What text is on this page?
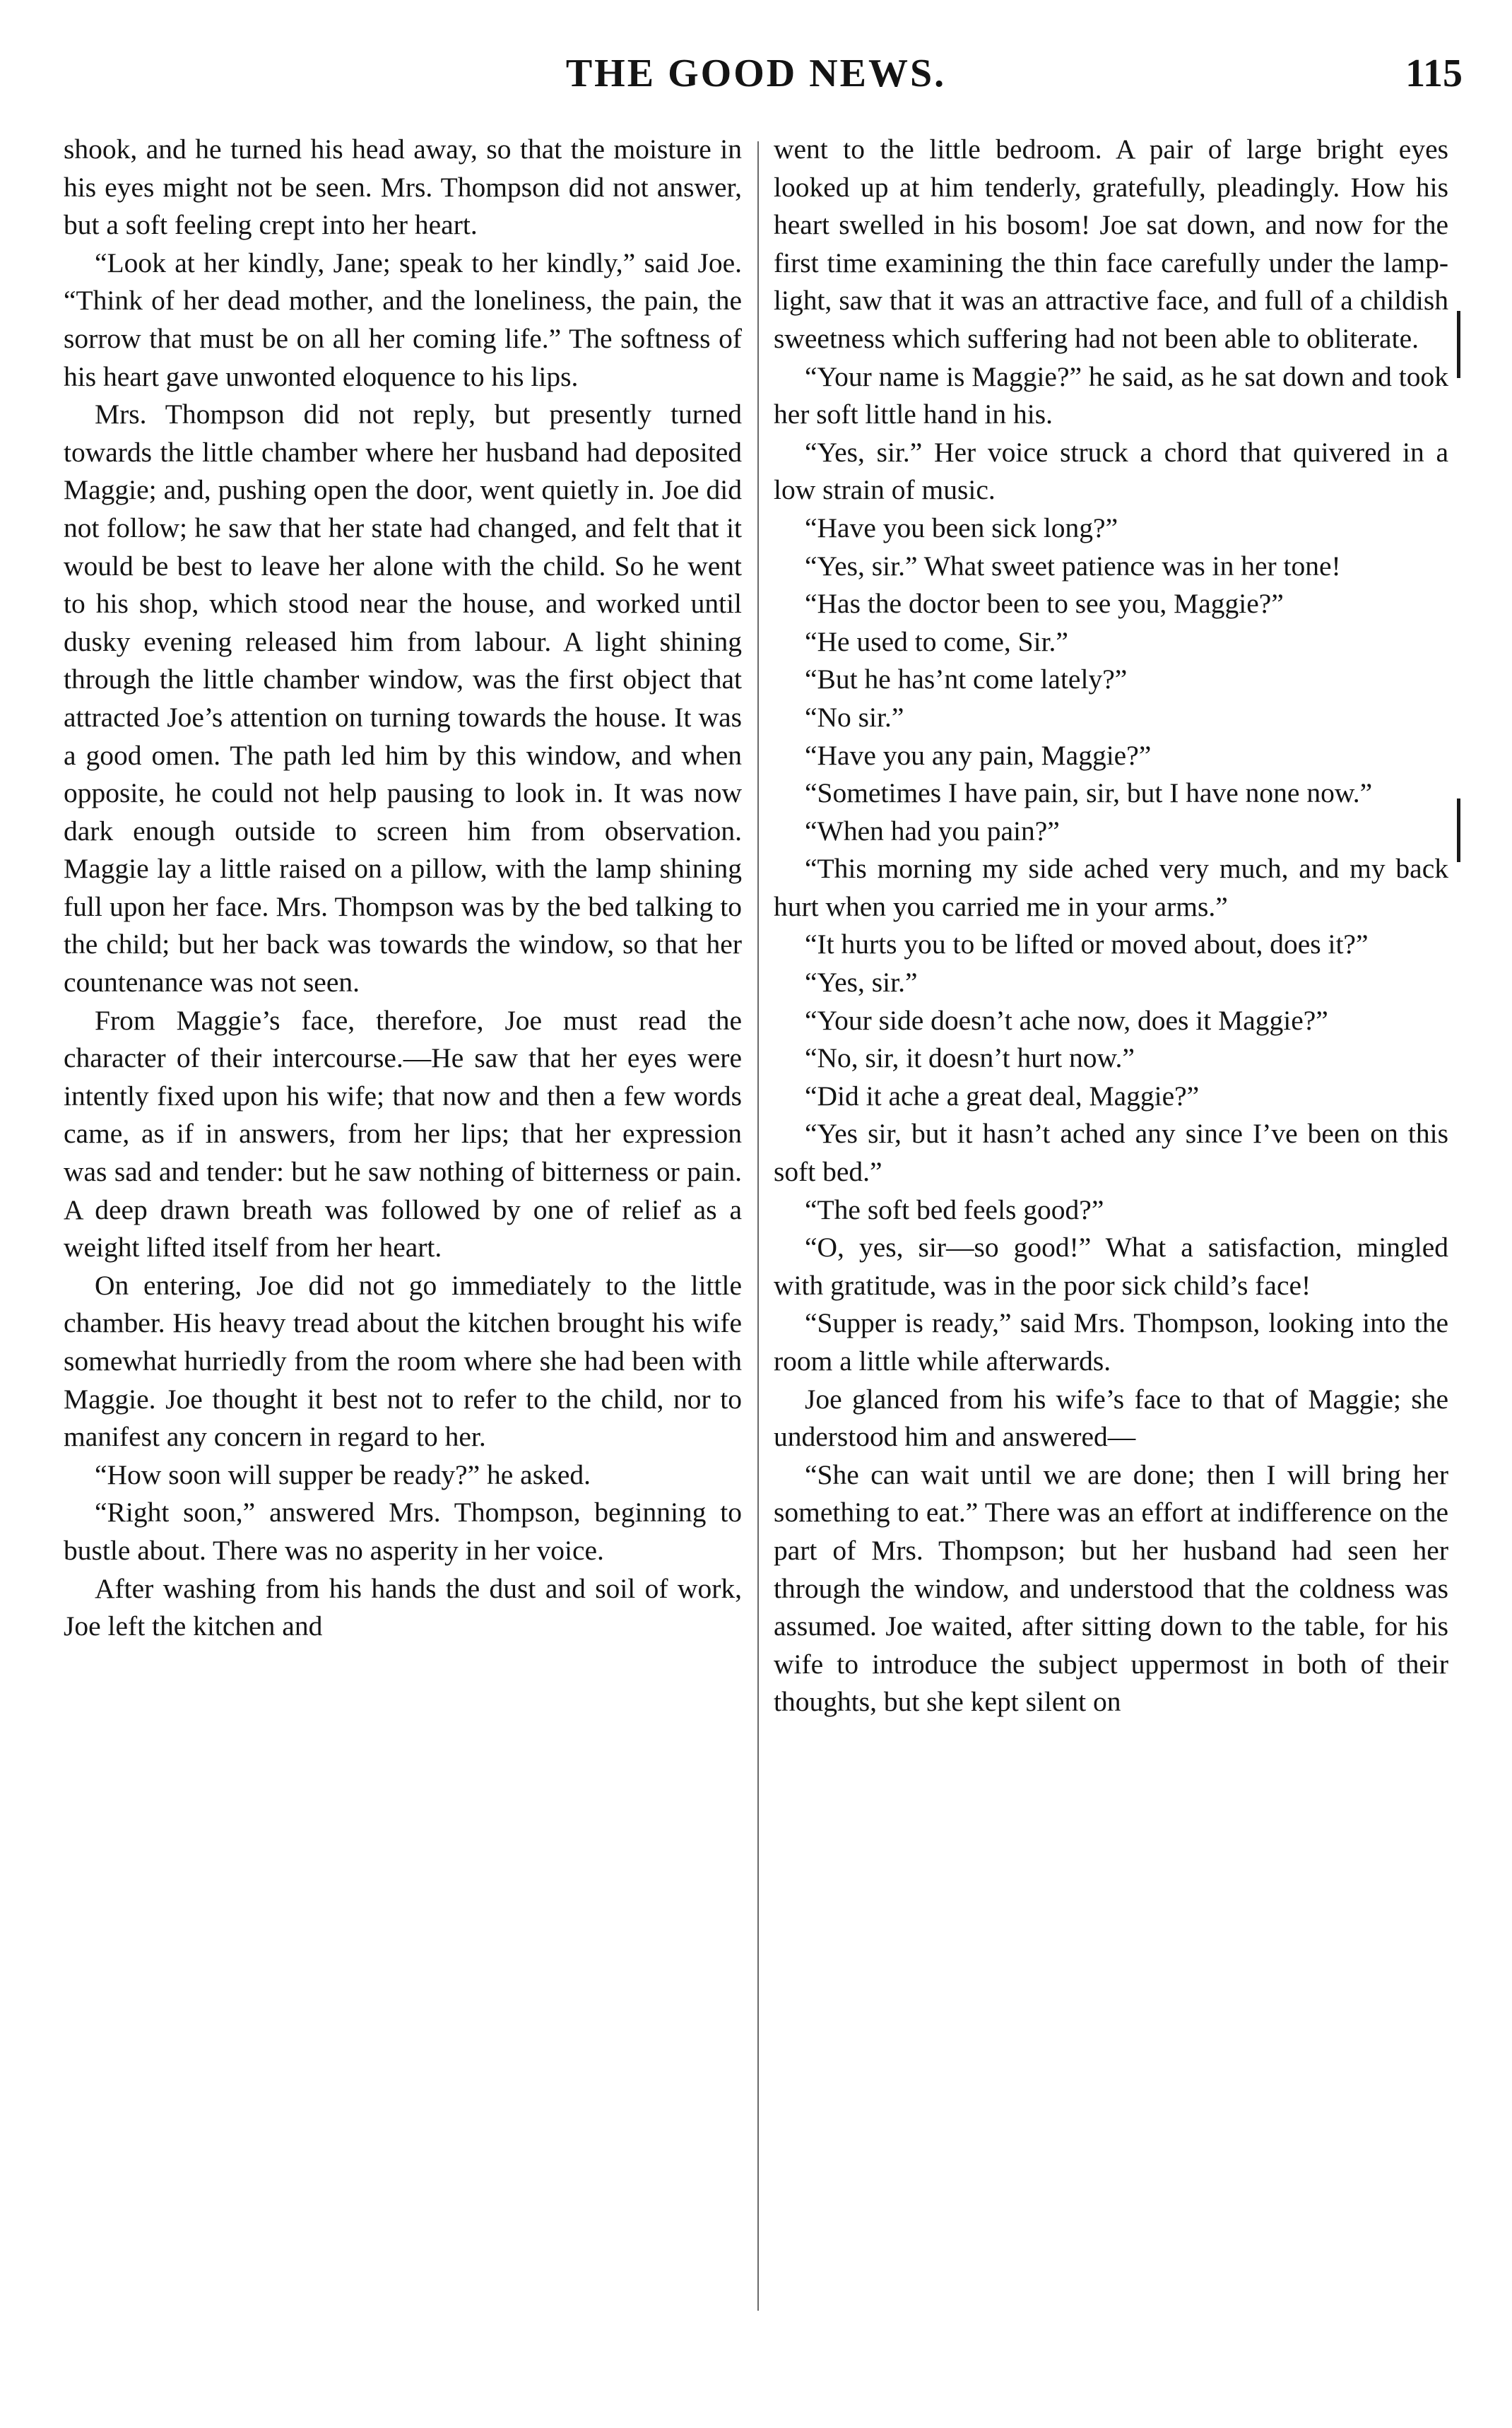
THE GOOD NEWS.	115

shook, and he turned his head away, so that the moisture in his eyes might not be seen. Mrs. Thompson did not answer, but a soft feeling crept into her heart.

“Look at her kindly, Jane; speak to her kindly,” said Joe. “Think of her dead mother, and the loneliness, the pain, the sorrow that must be on all her coming life.” The softness of his heart gave unwonted eloquence to his lips.

Mrs. Thompson did not reply, but presently turned towards the little chamber where her husband had deposited Maggie; and, pushing open the door, went quietly in. Joe did not follow; he saw that her state had changed, and felt that it would be best to leave her alone with the child. So he went to his shop, which stood near the house, and worked until dusky evening released him from labour. A light shining through the little chamber window, was the first object that attracted Joe’s attention on turning towards the house. It was a good omen. The path led him by this window, and when opposite, he could not help pausing to look in. It was now dark enough outside to screen him from observation. Maggie lay a little raised on a pillow, with the lamp shining full upon her face. Mrs. Thompson was by the bed talking to the child; but her back was towards the window, so that her countenance was not seen.

From Maggie’s face, therefore, Joe must read the character of their intercourse.—He saw that her eyes were intently fixed upon his wife; that now and then a few words came, as if in answers, from her lips; that her expression was sad and tender: but he saw nothing of bitterness or pain. A deep drawn breath was followed by one of relief as a weight lifted itself from her heart.

On entering, Joe did not go immediately to the little chamber. His heavy tread about the kitchen brought his wife somewhat hurriedly from the room where she had been with Maggie. Joe thought it best not to refer to the child, nor to manifest any concern in regard to her.

“How soon will supper be ready?” he asked.

“Right soon,” answered Mrs. Thompson, beginning to bustle about. There was no asperity in her voice.

After washing from his hands the dust and soil of work, Joe left the kitchen and

went to the little bedroom. A pair of large bright eyes looked up at him tenderly, gratefully, pleadingly. How his heart swelled in his bosom! Joe sat down, and now for the first time examining the thin face carefully under the lamp-light, saw that it was an attractive face, and full of a childish sweetness which suffering had not been able to obliterate.

“Your name is Maggie?” he said, as he sat down and took her soft little hand in his.

“Yes, sir.” Her voice struck a chord that quivered in a low strain of music.

“Have you been sick long?”

“Yes, sir.” What sweet patience was in her tone!

“Has the doctor been to see you, Maggie?”

“He used to come, Sir.”

“But he has’nt come lately?”

“No sir.”

“Have you any pain, Maggie?”

“Sometimes I have pain, sir, but I have none now.”

“When had you pain?”

“This morning my side ached very much, and my back hurt when you carried me in your arms.”

“It hurts you to be lifted or moved about, does it?”

“Yes, sir.”

“Your side doesn’t ache now, does it Maggie?”

“No, sir, it doesn’t hurt now.”

“Did it ache a great deal, Maggie?”

“Yes sir, but it hasn’t ached any since I’ve been on this soft bed.”

“The soft bed feels good?”

“O, yes, sir—so good!” What a satisfaction, mingled with gratitude, was in the poor sick child’s face!

“Supper is ready,” said Mrs. Thompson, looking into the room a little while afterwards.

Joe glanced from his wife’s face to that of Maggie; she understood him and answered—

“She can wait until we are done; then I will bring her something to eat.” There was an effort at indifference on the part of Mrs. Thompson; but her husband had seen her through the window, and understood that the coldness was assumed. Joe waited, after sitting down to the table, for his wife to introduce the subject uppermost in both of their thoughts, but she kept silent on
